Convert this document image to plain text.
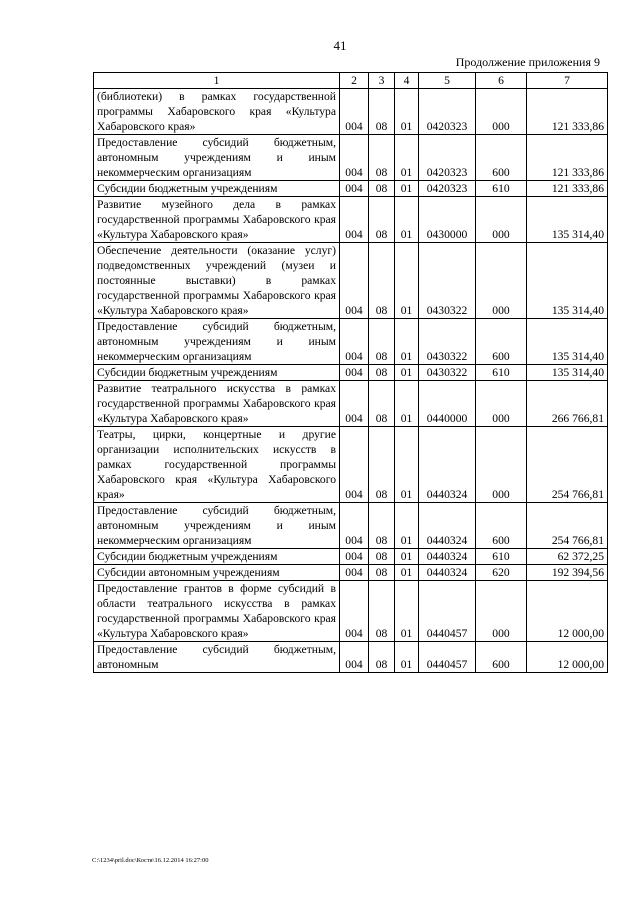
41
Продолжение приложения 9
1	2	3	4	5	6	7
(библиотеки) в рамках государственной программы Хабаровского края «Культура Хабаровского края»	004	08	01	0420323	000	121 333,86
Предоставление субсидий бюджетным, автономным учреждениям и иным некоммерческим организациям	004	08	01	0420323	600	121 333,86
Субсидии бюджетным учреждениям	004	08	01	0420323	610	121 333,86
Развитие музейного дела в рамках государственной программы Хабаровского края «Культура Хабаровского края»	004	08	01	0430000	000	135 314,40
Обеспечение деятельности (оказание услуг) подведомственных учреждений (музеи и постоянные выставки) в рамках государственной программы Хабаровского края «Культура Хабаровского края»	004	08	01	0430322	000	135 314,40
Предоставление субсидий бюджетным, автономным учреждениям и иным некоммерческим организациям	004	08	01	0430322	600	135 314,40
Субсидии бюджетным учреждениям	004	08	01	0430322	610	135 314,40
Развитие театрального искусства в рамках государственной программы Хабаровского края «Культура Хабаровского края»	004	08	01	0440000	000	266 766,81
Театры, цирки, концертные и другие организации исполнительских искусств в рамках государственной программы Хабаровского края «Культура Хабаровского края»	004	08	01	0440324	000	254 766,81
Предоставление субсидий бюджетным, автономным учреждениям и иным некоммерческим организациям	004	08	01	0440324	600	254 766,81
Субсидии бюджетным учреждениям	004	08	01	0440324	610	62 372,25
Субсидии автономным учреждениям	004	08	01	0440324	620	192 394,56
Предоставление грантов в форме субсидий в области театрального искусства в рамках государственной программы Хабаровского края «Культура Хабаровского края»	004	08	01	0440457	000	12 000,00
Предоставление субсидий бюджетным, автономным	004	08	01	0440457	600	12 000,00
C:\1234\pril.doc\Костя\16.12.2014 16:27:00
